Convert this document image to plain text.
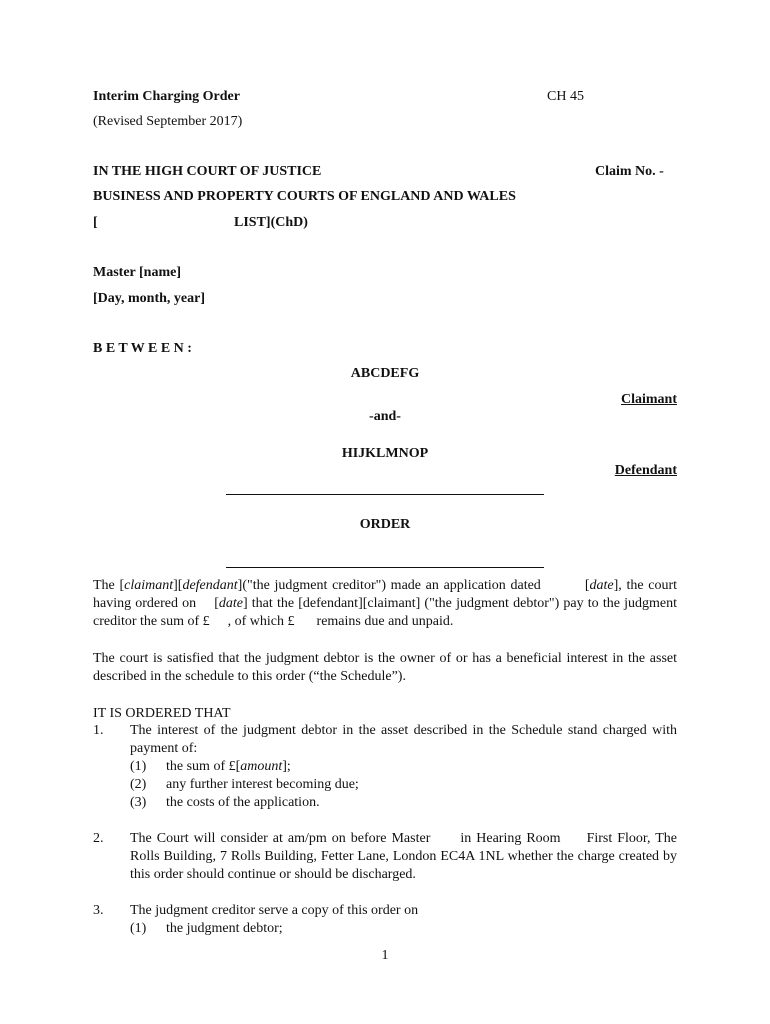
Interim Charging Order	CH 45
(Revised September 2017)
IN THE HIGH COURT OF JUSTICE	Claim No. -
BUSINESS AND PROPERTY COURTS OF ENGLAND AND WALES
[	LIST](ChD)
Master [name]
[Day, month, year]
B E T W E E N :
ABCDEFG
Claimant
-and-
HIJKLMNOP
Defendant
ORDER
The [claimant][defendant]("the judgment creditor") made an application dated	[date], the court having ordered on [date] that the [defendant][claimant] ("the judgment debtor") pay to the judgment creditor the sum of £ , of which £ remains due and unpaid.
The court is satisfied that the judgment debtor is the owner of or has a beneficial interest in the asset described in the schedule to this order (“the Schedule”).
IT IS ORDERED THAT
1. The interest of the judgment debtor in the asset described in the Schedule stand charged with payment of:
(1) the sum of £[amount];
(2) any further interest becoming due;
(3) the costs of the application.
2. The Court will consider at am/pm on before Master in Hearing Room First Floor, The Rolls Building, 7 Rolls Building, Fetter Lane, London EC4A 1NL whether the charge created by this order should continue or should be discharged.
3. The judgment creditor serve a copy of this order on
(1) the judgment debtor;
1
